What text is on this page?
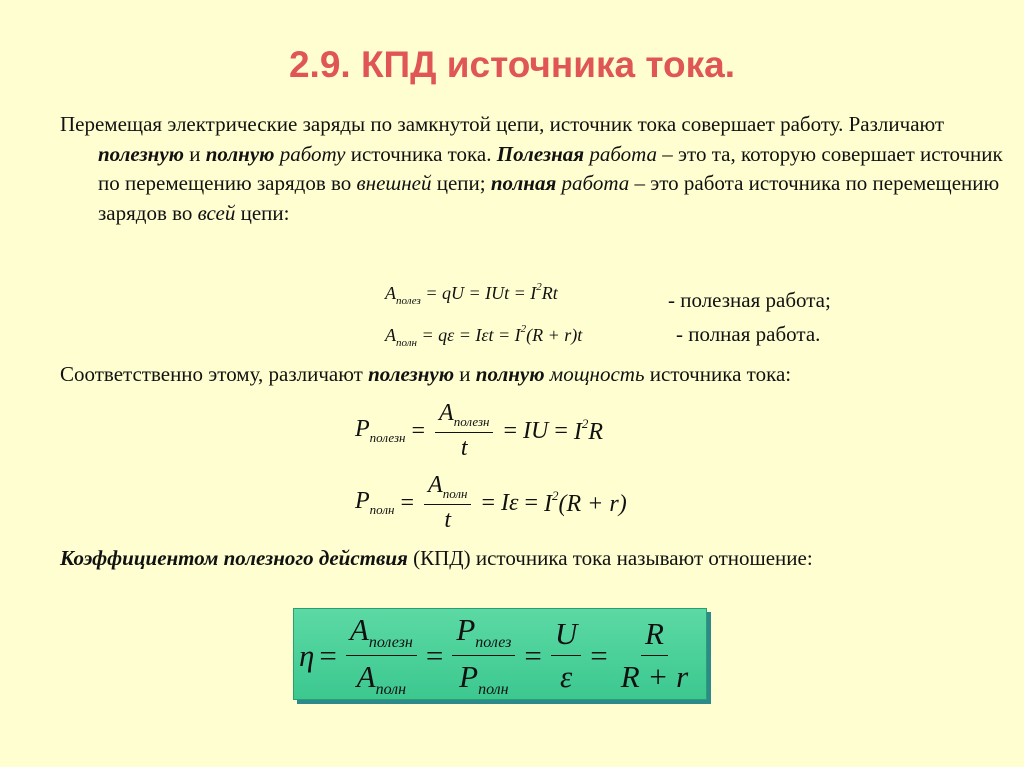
2.9. КПД источника тока.

Перемещая электрические заряды по замкнутой цепи, источник тока совершает работу. Различают полезную и полную работу источника тока. Полезная работа – это та, которую совершает источник по перемещению зарядов во внешней цепи; полная работа – это работа источника по перемещению зарядов во всей цепи:

$A_{полез}$ = qU = IUt = $I^2Rt$	- полезная работа;
$A_{полн} = q\varepsilon = I\varepsilon t = I^2(R + r)t$	- полная работа.

Соответственно этому, различают полезную и полную мощность источника тока:

$P_{полезн} = \frac{A_{полезн}}{t}$ = IU = $I^2R$
$P_{полн} = \frac{A_{полн}}{t} = I\varepsilon = I^2(R + r)$

Коэффициентом полезного действия (КПД) источника тока называют отношение:

$\eta = \frac{A_{полезн}}{A_{полн}} = \frac{P_{полез}}{P_{полн}} = \frac{U}{\varepsilon} = \frac{R}{R + r}$
